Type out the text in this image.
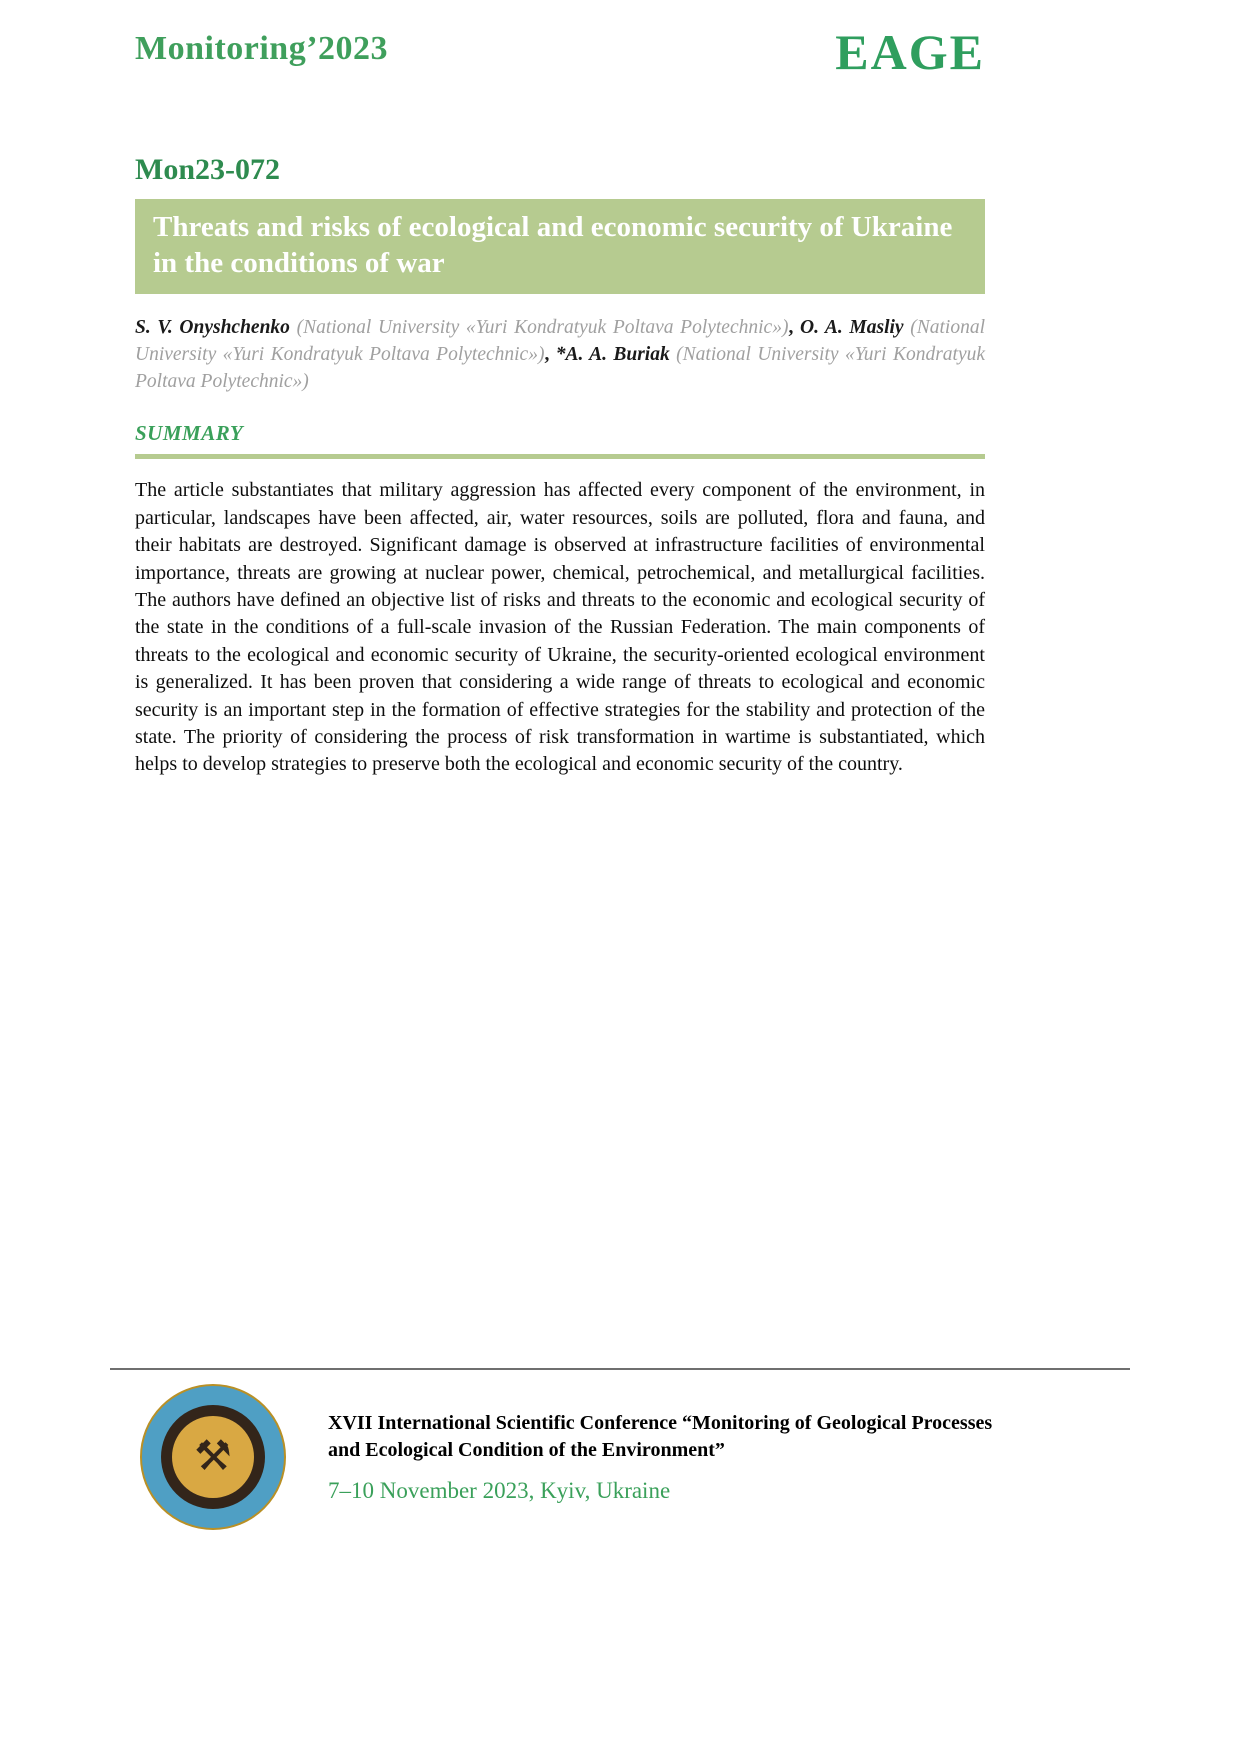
Monitoring’2023	EAGE
Mon23-072
Threats and risks of ecological and economic security of Ukraine
in the conditions of war

S. V. Onyshchenko (National University «Yuri Kondratyuk Poltava Polytechnic»), O. A. Masliy (National University «Yuri Kondratyuk Poltava Polytechnic»), *A. A. Buriak (National University «Yuri Kondratyuk Poltava Polytechnic»)

SUMMARY

The article substantiates that military aggression has affected every component of the environment, in particular, landscapes have been affected, air, water resources, soils are polluted, flora and fauna, and their habitats are destroyed. Significant damage is observed at infrastructure facilities of environmental importance, threats are growing at nuclear power, chemical, petrochemical, and metallurgical facilities. The authors have defined an objective list of risks and threats to the economic and ecological security of the state in the conditions of a full-scale invasion of the Russian Federation. The main components of threats to the ecological and economic security of Ukraine, the security-oriented ecological environment is generalized. It has been proven that considering a wide range of threats to ecological and economic security is an important step in the formation of effective strategies for the stability and protection of the state. The priority of considering the process of risk transformation in wartime is substantiated, which helps to develop strategies to preserve both the ecological and economic security of the country.

⚒
XVII International Scientific Conference “Monitoring of Geological Processes
and Ecological Condition of the Environment”
7–10 November 2023, Kyiv, Ukraine
